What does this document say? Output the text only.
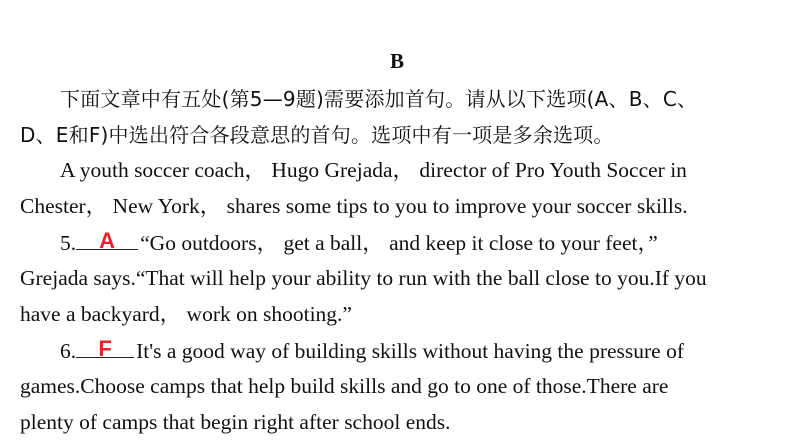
B
下面文章中有五处(第5—9题)需要添加首句。请从以下选项(A、B、C、
D、E和F)中选出符合各段意思的首句。选项中有一项是多余选项。
A youth soccer coach， Hugo Grejada， director of Pro Youth Soccer in
Chester， New York， shares some tips to you to improve your soccer skills.
5.	A	“Go outdoors， get a ball， and keep it close to your feet，”
Grejada says.“That will help your ability to run with the ball close to you.If you
have a backyard， work on shooting.”
6.	F	It's a good way of building skills without having the pressure of
games.Choose camps that help build skills and go to one of those.There are
plenty of camps that begin right after school ends.
